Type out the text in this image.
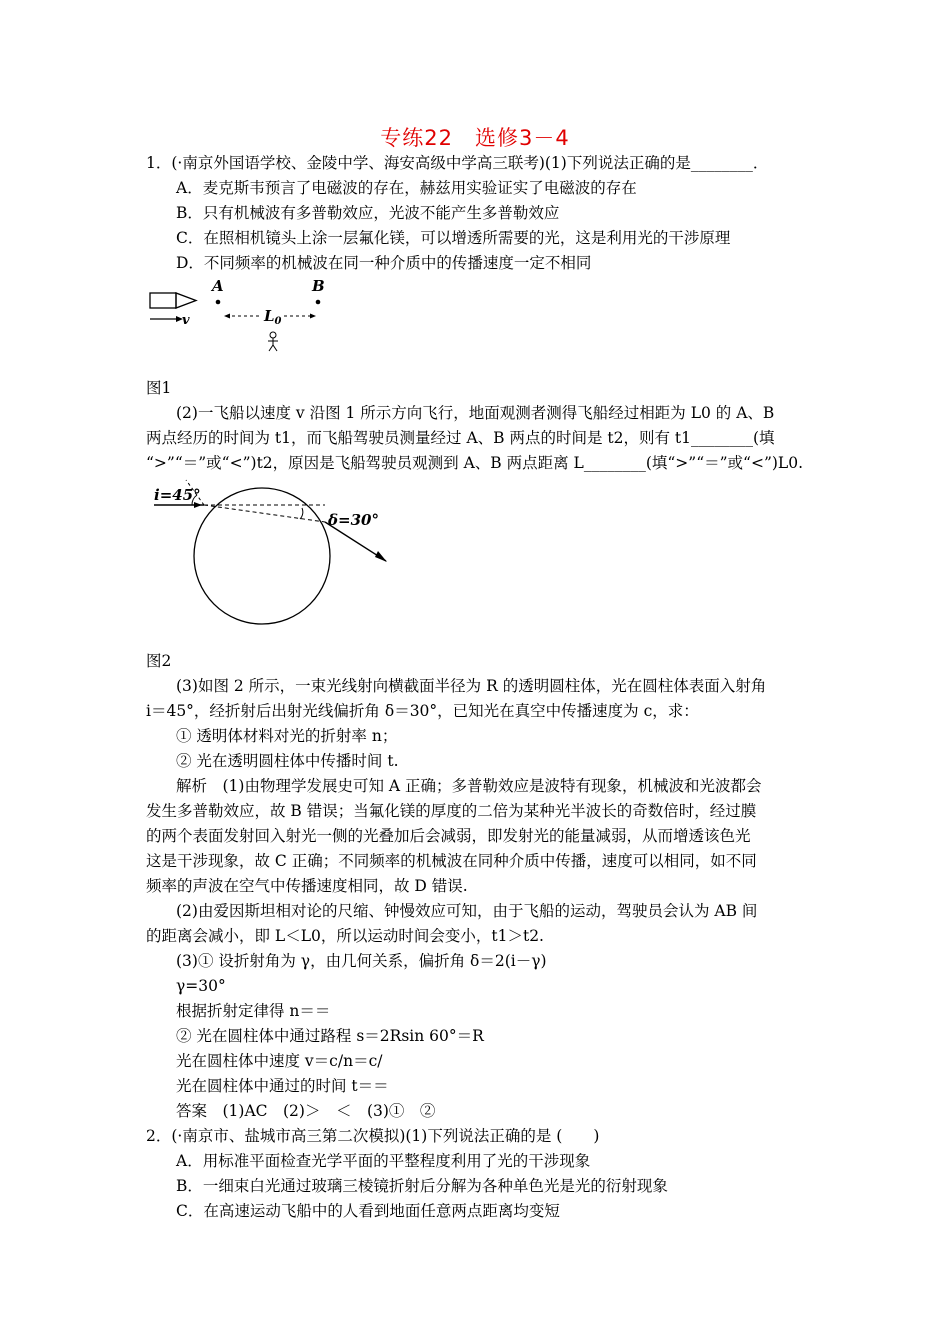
专练22　选修3－4
1．(·南京外国语学校、金陵中学、海安高级中学高三联考)(1)下列说法正确的是________．
A．麦克斯韦预言了电磁波的存在，赫兹用实验证实了电磁波的存在
B．只有机械波有多普勒效应，光波不能产生多普勒效应
C．在照相机镜头上涂一层氟化镁，可以增透所需要的光，这是利用光的干涉原理
D．不同频率的机械波在同一种介质中的传播速度一定不相同
v
A	B
$L_0$
图1
(2)一飞船以速度 v 沿图 1 所示方向飞行，地面观测者测得飞船经过相距为 L0 的 A、B
两点经历的时间为 t1，而飞船驾驶员测量经过 A、B 两点的时间是 t2，则有 t1________(填
“>”“＝”或“<”)t2，原因是飞船驾驶员观测到 A、B 两点距离 L________(填“>”“＝”或“<”)L0.
i=45°
δ=30°
图2
(3)如图 2 所示，一束光线射向横截面半径为 R 的透明圆柱体，光在圆柱体表面入射角
i＝45°，经折射后出射光线偏折角 δ＝30°，已知光在真空中传播速度为 c，求：
① 透明体材料对光的折射率 n；
② 光在透明圆柱体中传播时间 t.
解析　(1)由物理学发展史可知 A 正确；多普勒效应是波特有现象，机械波和光波都会
发生多普勒效应，故 B 错误；当氟化镁的厚度的二倍为某种光半波长的奇数倍时，经过膜
的两个表面发射回入射光一侧的光叠加后会减弱，即发射光的能量减弱，从而增透该色光
这是干涉现象，故 C 正确；不同频率的机械波在同种介质中传播，速度可以相同，如不同
频率的声波在空气中传播速度相同，故 D 错误.
(2)由爱因斯坦相对论的尺缩、钟慢效应可知，由于飞船的运动，驾驶员会认为 AB 间
的距离会减小，即 L＜L0，所以运动时间会变小，t1＞t2.
(3)① 设折射角为 γ，由几何关系，偏折角 δ＝2(i－γ)
γ=30°
根据折射定律得 n＝＝
② 光在圆柱体中通过路程 s＝2Rsin 60°＝R
光在圆柱体中速度 v＝c/n＝c/
光在圆柱体中通过的时间 t＝＝
答案　(1)AC　(2)＞　＜　(3)①　②
2．(·南京市、盐城市高三第二次模拟)(1)下列说法正确的是 (　　)
A．用标准平面检查光学平面的平整程度利用了光的干涉现象
B．一细束白光通过玻璃三棱镜折射后分解为各种单色光是光的衍射现象
C．在高速运动飞船中的人看到地面任意两点距离均变短
